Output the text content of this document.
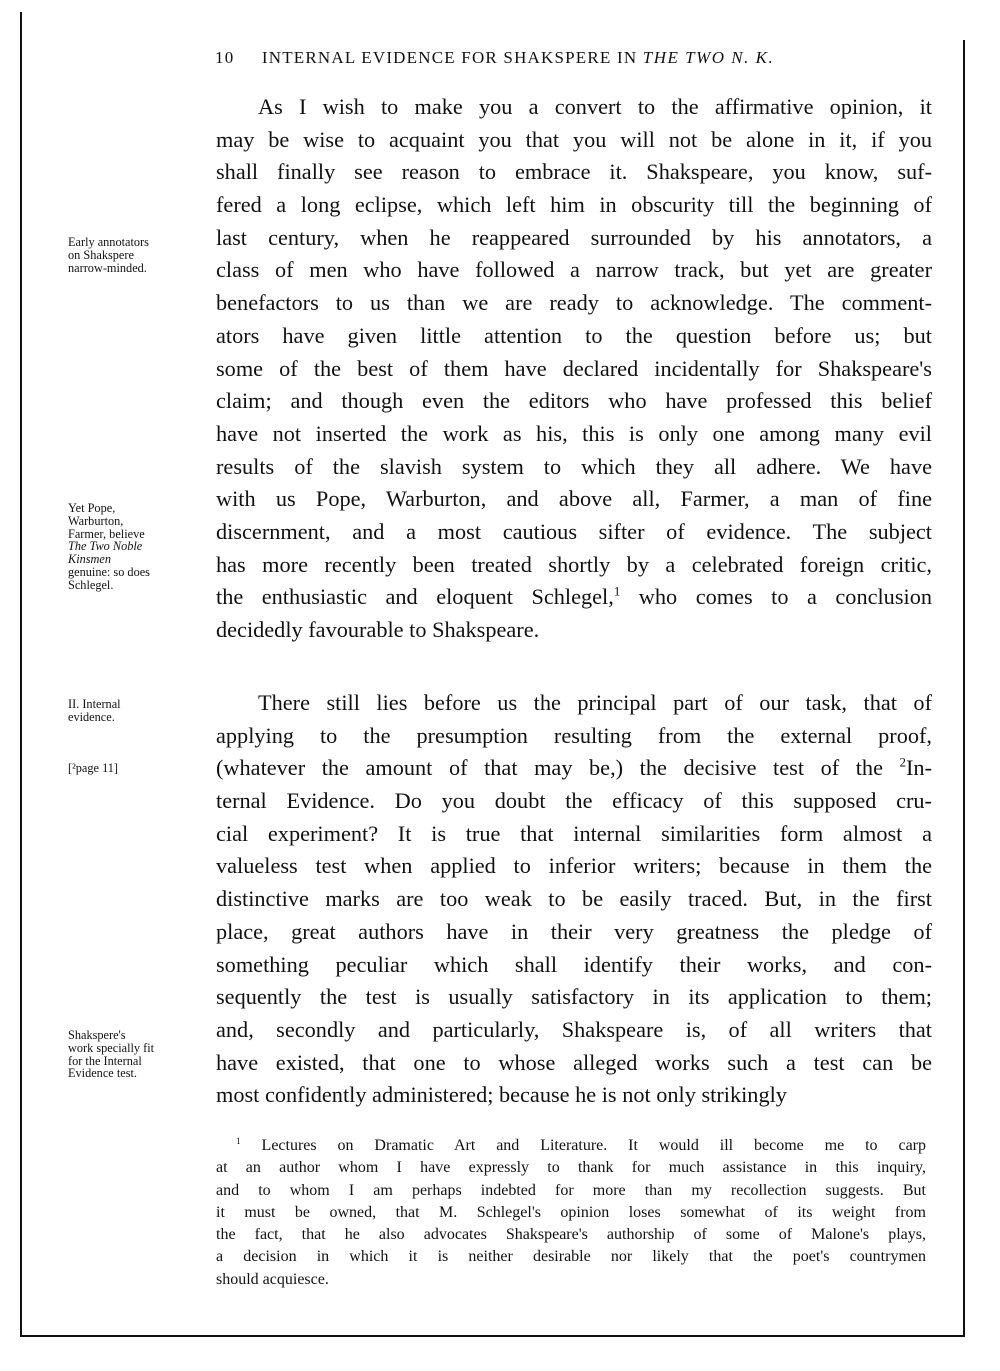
10 INTERNAL EVIDENCE FOR SHAKSPERE IN THE TWO N. K.
As I wish to make you a convert to the affirmative opinion, it
may be wise to acquaint you that you will not be alone in it, if you
shall finally see reason to embrace it. Shakspeare, you know, suf-
fered a long eclipse, which left him in obscurity till the beginning of
last century, when he reappeared surrounded by his annotators, a
class of men who have followed a narrow track, but yet are greater
benefactors to us than we are ready to acknowledge. The comment-
ators have given little attention to the question before us; but
some of the best of them have declared incidentally for Shakspeare's
claim; and though even the editors who have professed this belief
have not inserted the work as his, this is only one among many evil
results of the slavish system to which they all adhere. We have
with us Pope, Warburton, and above all, Farmer, a man of fine
discernment, and a most cautious sifter of evidence. The subject
has more recently been treated shortly by a celebrated foreign critic,
the enthusiastic and eloquent Schlegel,$^1$ who comes to a conclusion
decidedly favourable to Shakspeare.
There still lies before us the principal part of our task, that of
applying to the presumption resulting from the external proof,
(whatever the amount of that may be,) the decisive test of the $^2$In-
ternal Evidence. Do you doubt the efficacy of this supposed cru-
cial experiment? It is true that internal similarities form almost a
valueless test when applied to inferior writers; because in them the
distinctive marks are too weak to be easily traced. But, in the first
place, great authors have in their very greatness the pledge of
something peculiar which shall identify their works, and con-
sequently the test is usually satisfactory in its application to them;
and, secondly and particularly, Shakspeare is, of all writers that
have existed, that one to whose alleged works such a test can be
most confidently administered; because he is not only strikingly
Early annotators
on Shakspere
narrow-minded.
Yet Pope,
Warburton,
Farmer, believe
The Two Noble
Kinsmen
genuine: so does
Schlegel.
II. Internal
evidence.
[²page 11]
Shakspere's
work specially fit
for the Internal
Evidence test.
$^1$ Lectures on Dramatic Art and Literature. It would ill become me to carp
at an author whom I have expressly to thank for much assistance in this inquiry,
and to whom I am perhaps indebted for more than my recollection suggests. But
it must be owned, that M. Schlegel's opinion loses somewhat of its weight from
the fact, that he also advocates Shakspeare's authorship of some of Malone's plays,
a decision in which it is neither desirable nor likely that the poet's countrymen
should acquiesce.
